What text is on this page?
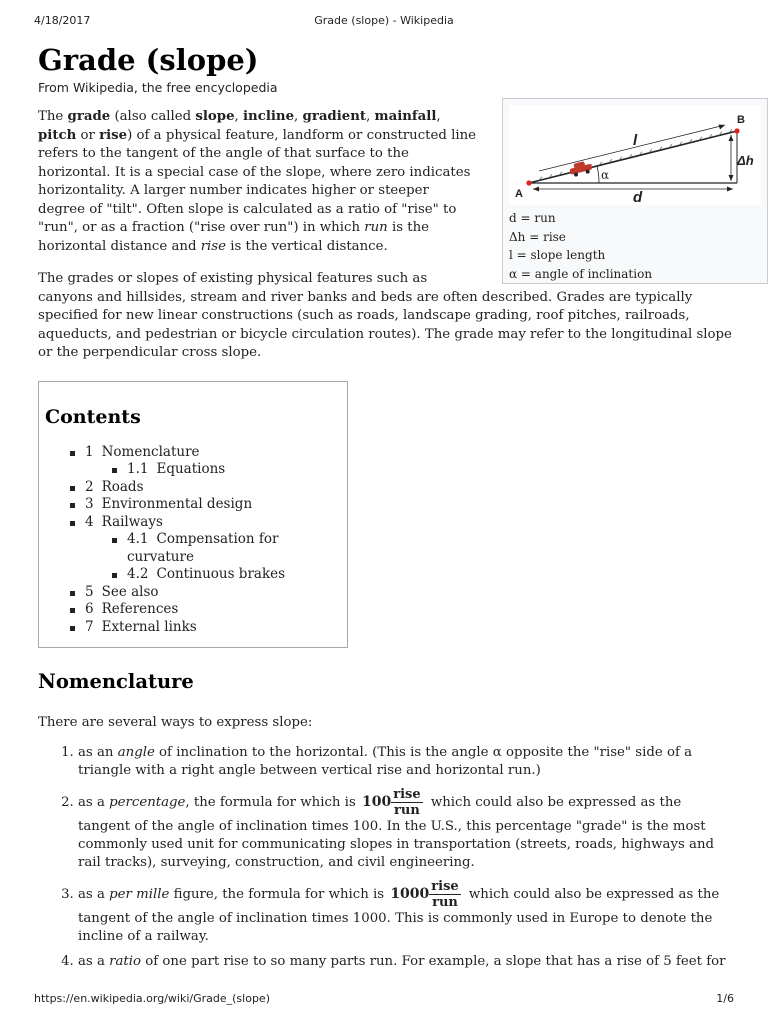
4/18/2017	Grade (slope) - Wikipedia
Grade (slope)
From Wikipedia, the free encyclopedia
A
B
l
Δh
α
d
d = run
Δh = rise
l = slope length
α = angle of inclination

The grade (also called slope, incline, gradient, mainfall, pitch or rise) of a physical feature, landform or constructed line refers to the tangent of the angle of that surface to the horizontal. It is a special case of the slope, where zero indicates horizontality. A larger number indicates higher or steeper degree of "tilt". Often slope is calculated as a ratio of "rise" to "run", or as a fraction ("rise over run") in which run is the horizontal distance and rise is the vertical distance.

The grades or slopes of existing physical features such as canyons and hillsides, stream and river banks and beds are often described. Grades are typically specified for new linear constructions (such as roads, landscape grading, roof pitches, railroads, aqueducts, and pedestrian or bicycle circulation routes). The grade may refer to the longitudinal slope or the perpendicular cross slope.

Contents
1 Nomenclature
1.1 Equations
2 Roads
3 Environmental design
4 Railways
4.1 Compensation for curvature
4.2 Continuous brakes
5 See also
6 References
7 External links
Nomenclature

There are several ways to express slope:

1. as an angle of inclination to the horizontal. (This is the angle α opposite the "rise" side of a triangle with a right angle between vertical rise and horizontal run.)
2. as a percentage, the formula for which is $100 \frac{\text{rise}}{\text{run}}$ which could also be expressed as the tangent of the angle of inclination times 100. In the U.S., this percentage "grade" is the most commonly used unit for communicating slopes in transportation (streets, roads, highways and rail tracks), surveying, construction, and civil engineering.
3. as a per mille figure, the formula for which is $1000 \frac{\text{rise}}{\text{run}}$ which could also be expressed as the tangent of the angle of inclination times 1000. This is commonly used in Europe to denote the incline of a railway.
4. as a ratio of one part rise to so many parts run. For example, a slope that has a rise of 5 feet for
https://en.wikipedia.org/wiki/Grade_(slope)	1/6
